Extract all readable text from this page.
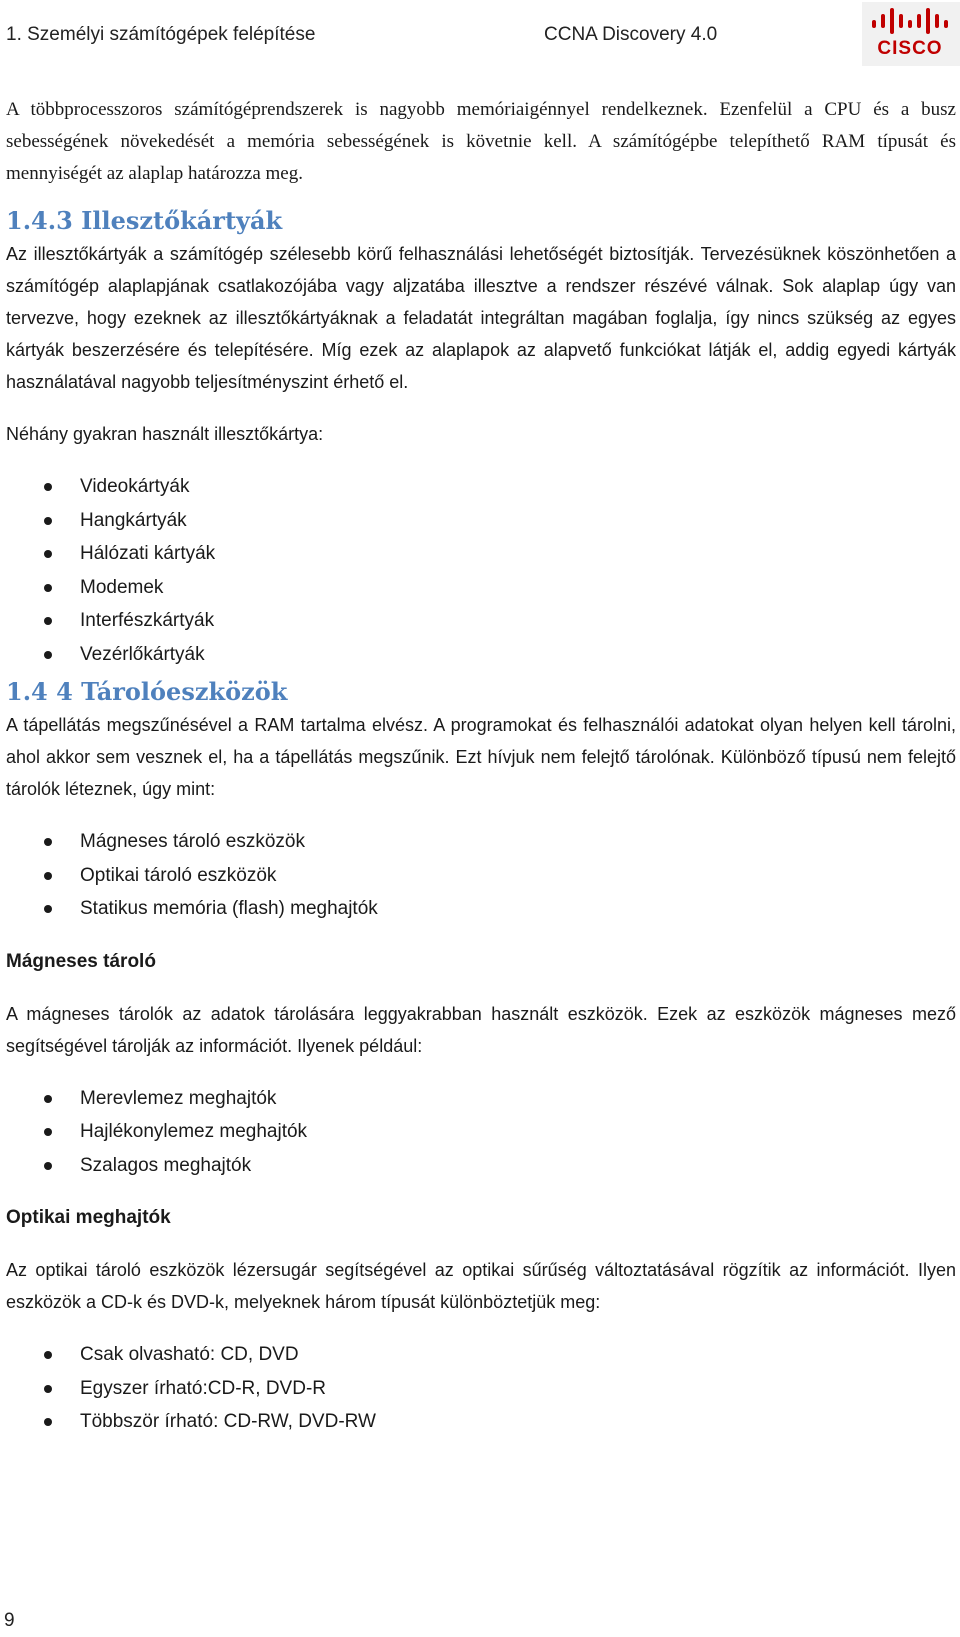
1. Személyi számítógépek felépítése	CCNA Discovery 4.0
CISCO

A többprocesszoros számítógéprendszerek is nagyobb memóriaigénnyel rendelkeznek. Ezenfelül a CPU és a busz sebességének növekedését a memória sebességének is követnie kell. A számítógépbe telepíthető RAM típusát és mennyiségét az alaplap határozza meg.

1.4.3 Illesztőkártyák

Az illesztőkártyák a számítógép szélesebb körű felhasználási lehetőségét biztosítják. Tervezésüknek köszönhetően a számítógép alaplapjának csatlakozójába vagy aljzatába illesztve a rendszer részévé válnak. Sok alaplap úgy van tervezve, hogy ezeknek az illesztőkártyáknak a feladatát integráltan magában foglalja, így nincs szükség az egyes kártyák beszerzésére és telepítésére. Míg ezek az alaplapok az alapvető funkciókat látják el, addig egyedi kártyák használatával nagyobb teljesítményszint érhető el.

Néhány gyakran használt illesztőkártya:

Videokártyák
Hangkártyák
Hálózati kártyák
Modemek
Interfészkártyák
Vezérlőkártyák
1.4 4 Tárolóeszközök

A tápellátás megszűnésével a RAM tartalma elvész. A programokat és felhasználói adatokat olyan helyen kell tárolni, ahol akkor sem vesznek el, ha a tápellátás megszűnik. Ezt hívjuk nem felejtő tárolónak. Különböző típusú nem felejtő tárolók léteznek, úgy mint:

Mágneses tároló eszközök
Optikai tároló eszközök
Statikus memória (flash) meghajtók

Mágneses tároló

A mágneses tárolók az adatok tárolására leggyakrabban használt eszközök. Ezek az eszközök mágneses mező segítségével tárolják az információt. Ilyenek például:

Merevlemez meghajtók
Hajlékonylemez meghajtók
Szalagos meghajtók

Optikai meghajtók

Az optikai tároló eszközök lézersugár segítségével az optikai sűrűség változtatásával rögzítik az információt. Ilyen eszközök a CD-k és DVD-k, melyeknek három típusát különböztetjük meg:

Csak olvasható: CD, DVD
Egyszer írható:CD-R, DVD-R
Többször írható: CD-RW, DVD-RW
9
